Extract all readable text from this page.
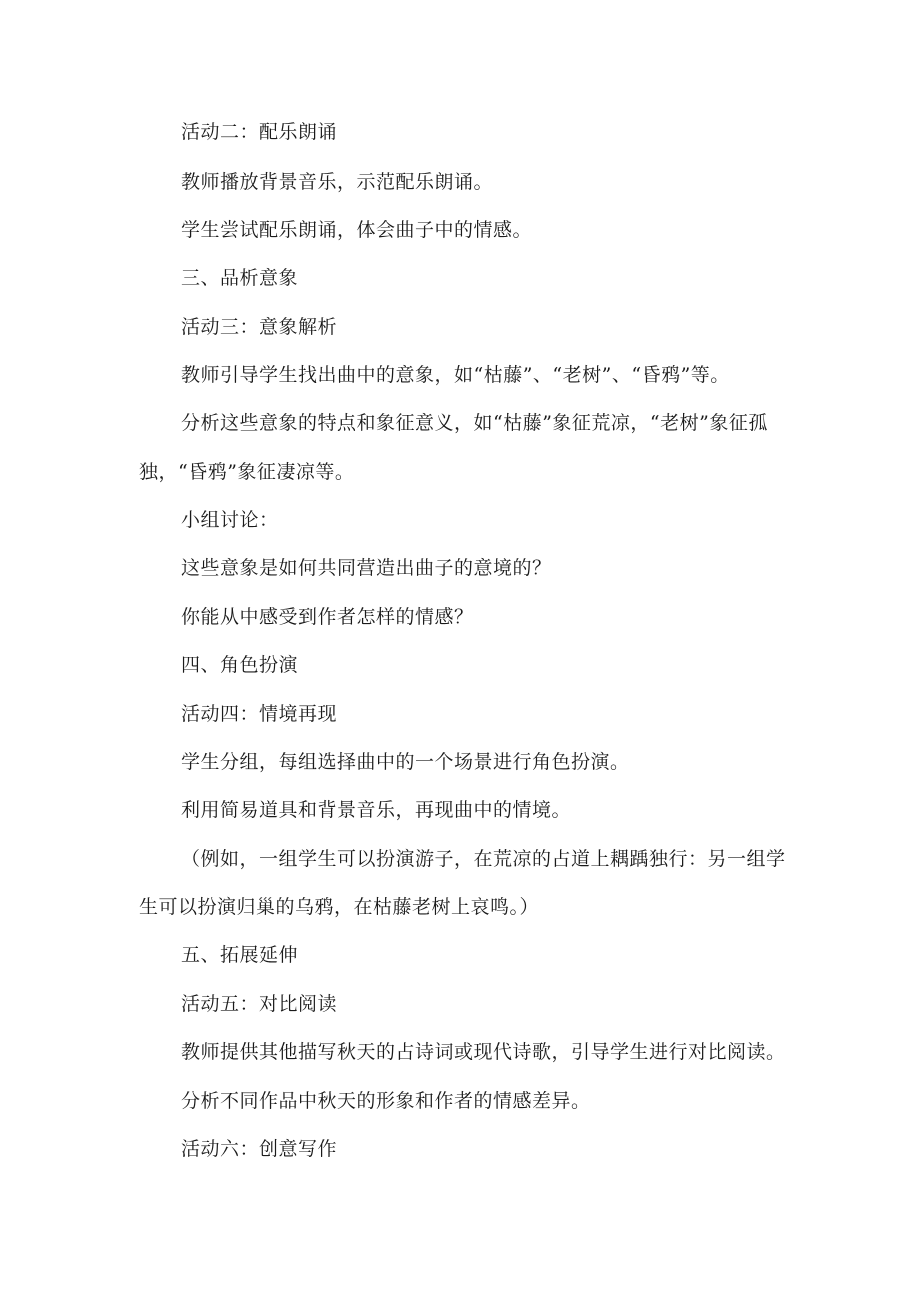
活动二：配乐朗诵
教师播放背景音乐，示范配乐朗诵。
学生尝试配乐朗诵，体会曲子中的情感。
三、品析意象
活动三：意象解析
教师引导学生找出曲中的意象，如“枯藤”、“老树”、“昏鸦”等。
分析这些意象的特点和象征意义，如“枯藤”象征荒凉，“老树”象征孤
独，“昏鸦”象征凄凉等。
小组讨论：
这些意象是如何共同营造出曲子的意境的？
你能从中感受到作者怎样的情感？
四、角色扮演
活动四：情境再现
学生分组，每组选择曲中的一个场景进行角色扮演。
利用简易道具和背景音乐，再现曲中的情境。
（例如，一组学生可以扮演游子，在荒凉的占道上耦踽独行：另一组学
生可以扮演归巢的乌鸦，在枯藤老树上哀鸣。）
五、拓展延伸
活动五：对比阅读
教师提供其他描写秋天的占诗词或现代诗歌，引导学生进行对比阅读。
分析不同作品中秋天的形象和作者的情感差异。
活动六：创意写作
